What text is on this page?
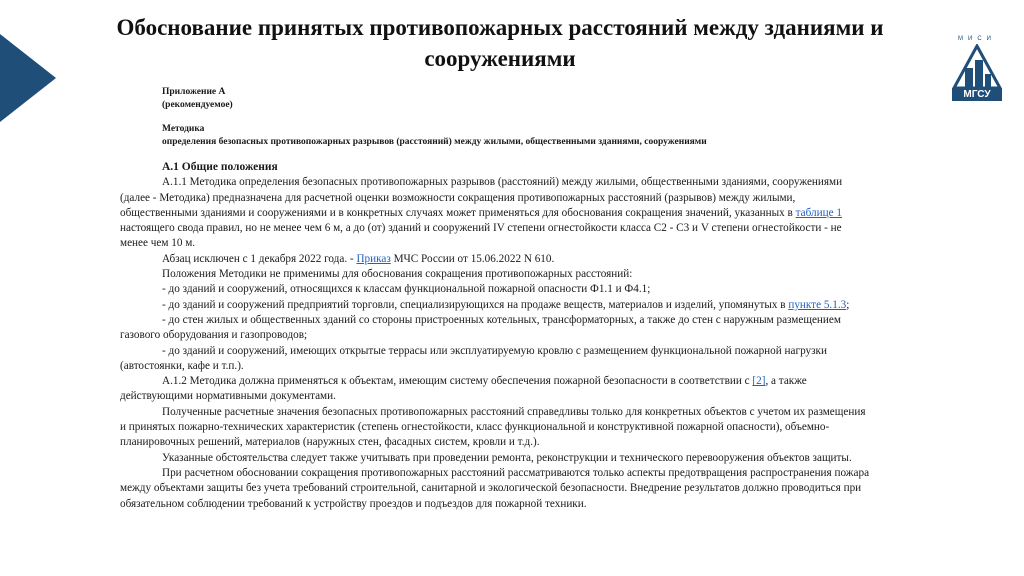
Обоснование принятых противопожарных расстояний между зданиями и сооружениями
МИСИ
МГСУ
Приложение А
(рекомендуемое)
Методика
определения безопасных противопожарных разрывов (расстояний) между жилыми, общественными зданиями, сооружениями

А.1 Общие положения

А.1.1 Методика определения безопасных противопожарных разрывов (расстояний) между жилыми, общественными зданиями, сооружениями (далее - Методика) предназначена для расчетной оценки возможности сокращения противопожарных расстояний (разрывов) между жилыми, общественными зданиями и сооружениями и в конкретных случаях может применяться для обоснования сокращения значений, указанных в таблице 1 настоящего свода правил, но не менее чем 6 м, а до (от) зданий и сооружений IV степени огнестойкости класса С2 - С3 и V степени огнестойкости - не менее чем 10 м.

Абзац исключен с 1 декабря 2022 года. - Приказ МЧС России от 15.06.2022 N 610.

Положения Методики не применимы для обоснования сокращения противопожарных расстояний:

- до зданий и сооружений, относящихся к классам функциональной пожарной опасности Ф1.1 и Ф4.1;

- до зданий и сооружений предприятий торговли, специализирующихся на продаже веществ, материалов и изделий, упомянутых в пункте 5.1.3;

- до стен жилых и общественных зданий со стороны пристроенных котельных, трансформаторных, а также до стен с наружным размещением газового оборудования и газопроводов;

- до зданий и сооружений, имеющих открытые террасы или эксплуатируемую кровлю с размещением функциональной пожарной нагрузки (автостоянки, кафе и т.п.).

А.1.2 Методика должна применяться к объектам, имеющим систему обеспечения пожарной безопасности в соответствии с [2], а также действующими нормативными документами.

Полученные расчетные значения безопасных противопожарных расстояний справедливы только для конкретных объектов с учетом их размещения и принятых пожарно-технических характеристик (степень огнестойкости, класс функциональной и конструктивной пожарной опасности), объемно-планировочных решений, материалов (наружных стен, фасадных систем, кровли и т.д.).

Указанные обстоятельства следует также учитывать при проведении ремонта, реконструкции и технического перевооружения объектов защиты.

При расчетном обосновании сокращения противопожарных расстояний рассматриваются только аспекты предотвращения распространения пожара между объектами защиты без учета требований строительной, санитарной и экологической безопасности. Внедрение результатов должно проводиться при обязательном соблюдении требований к устройству проездов и подъездов для пожарной техники.
